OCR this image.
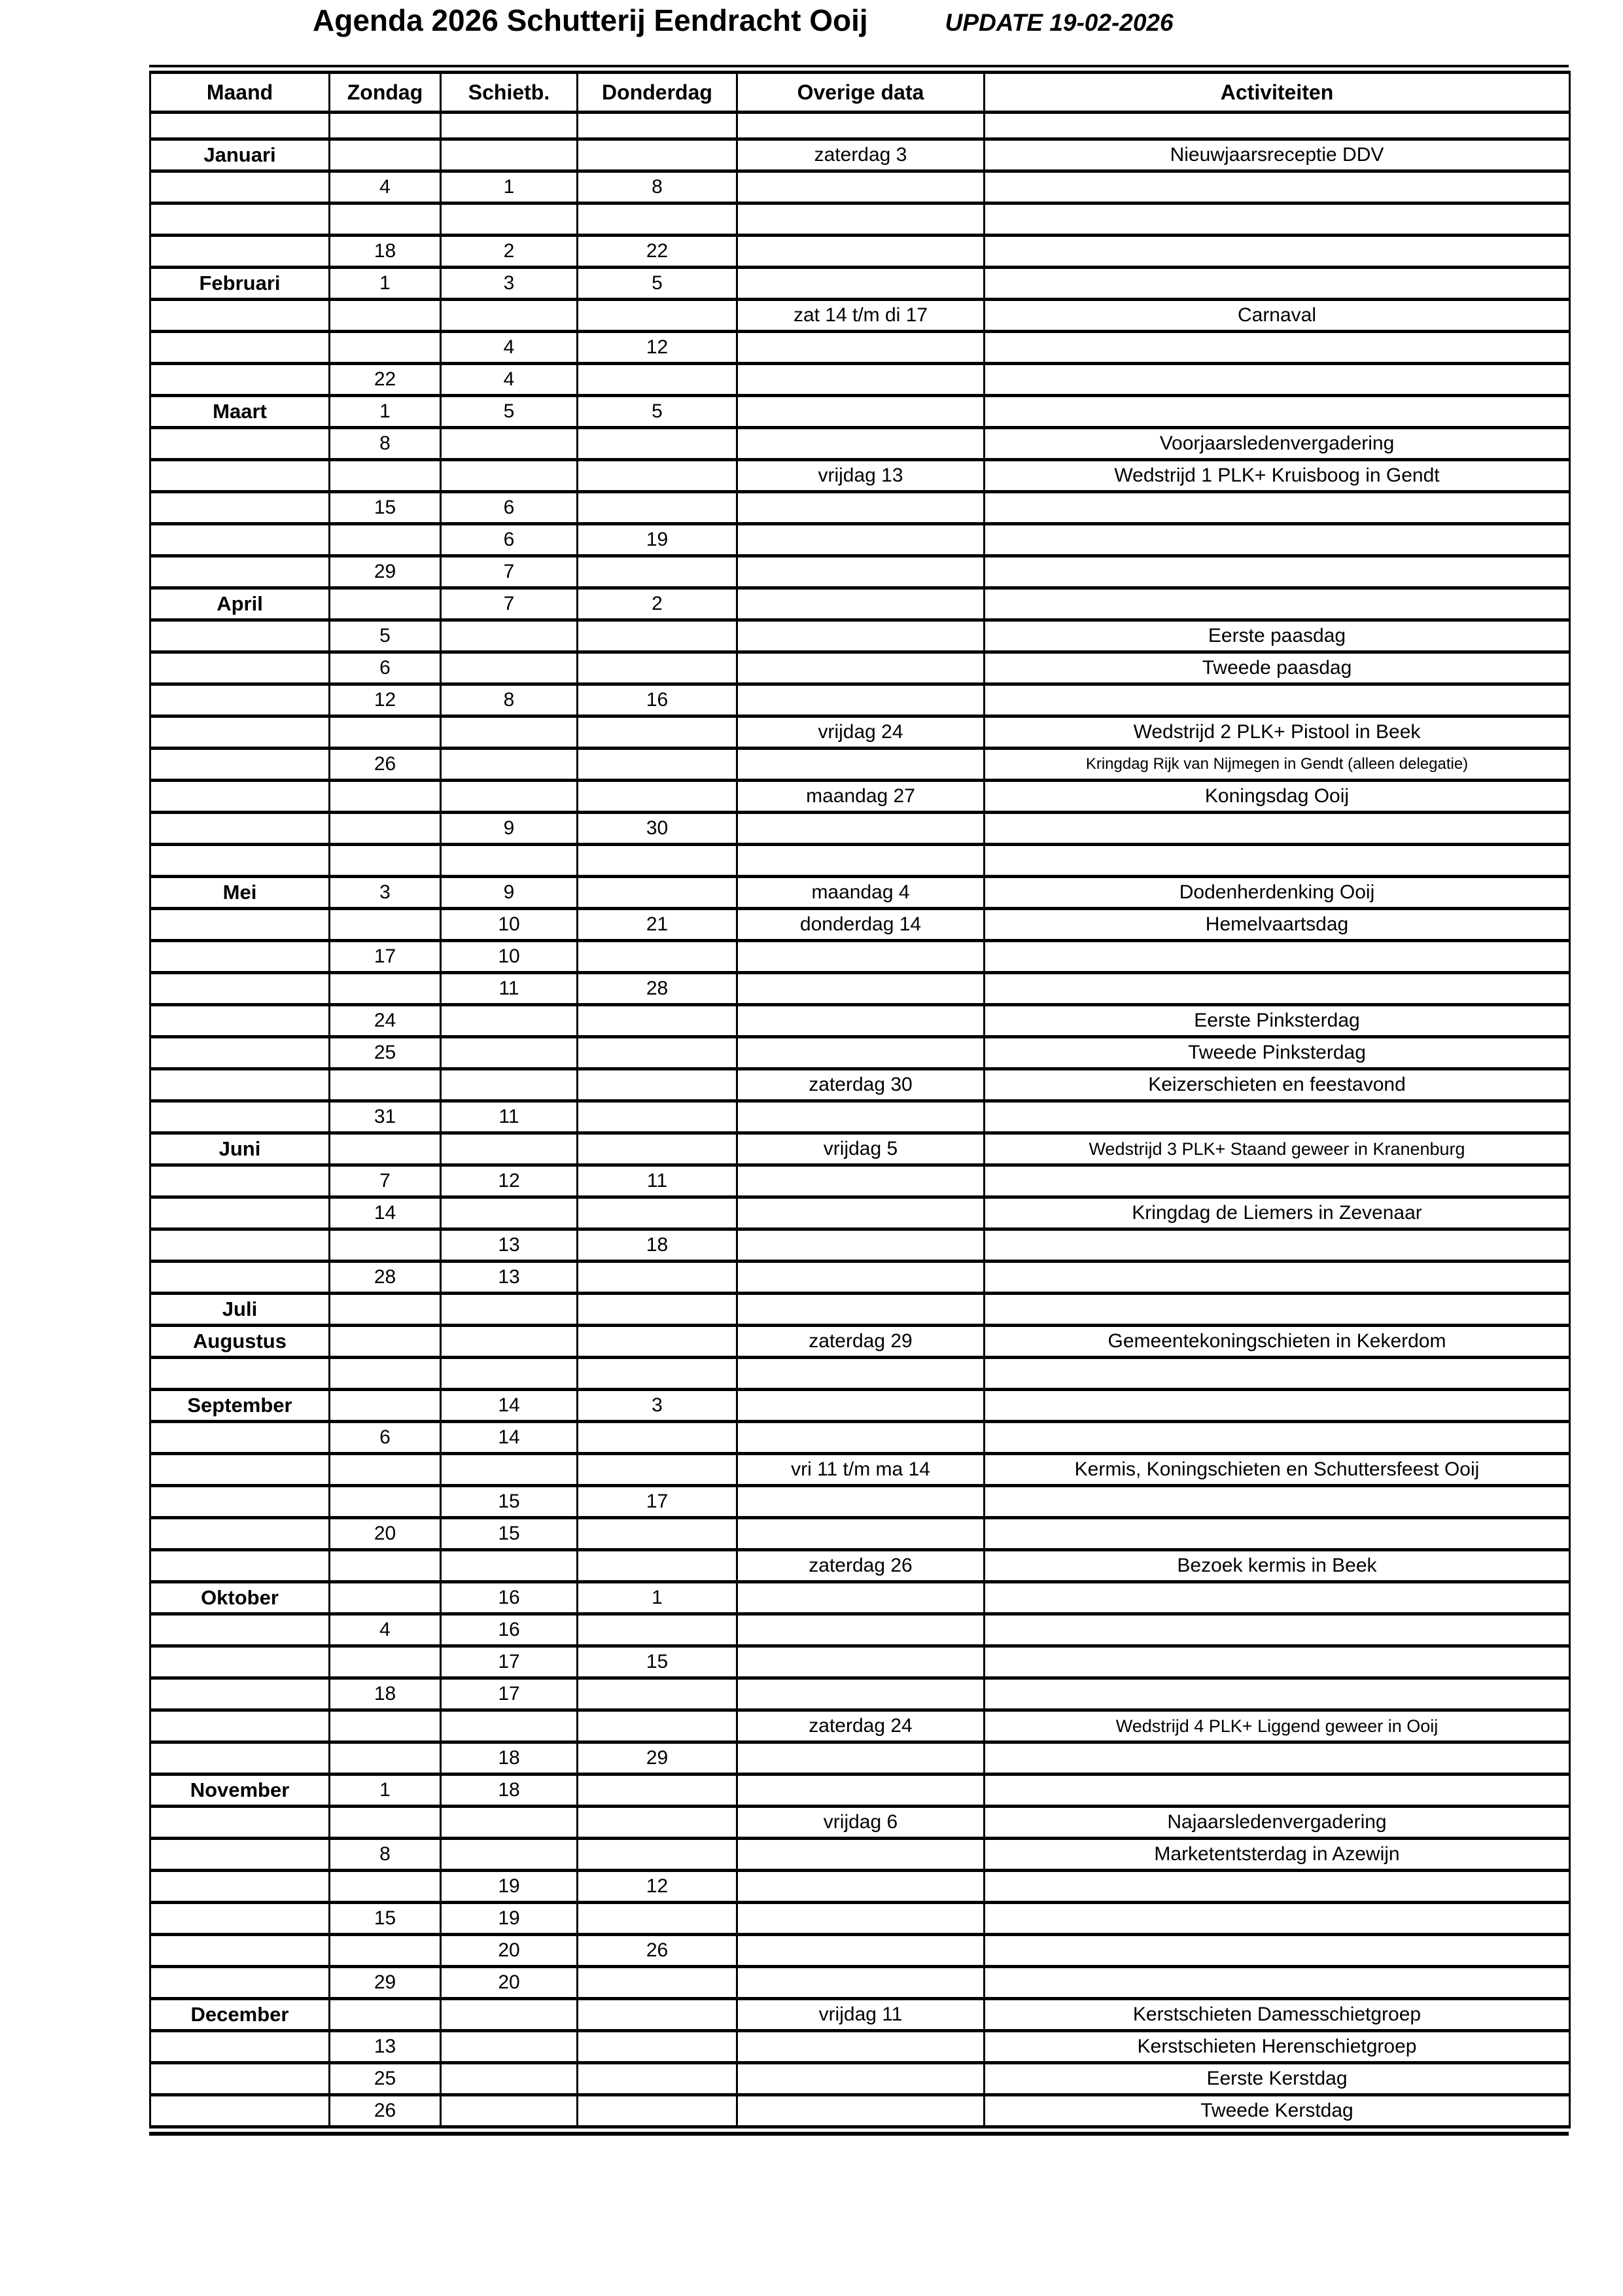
Agenda 2026 Schutterij Eendracht Ooij	UPDATE 19-02-2026
Maand	Zondag	Schietb.	Donderdag	Overige data	Activiteiten

Januari				zaterdag 3	Nieuwjaarsreceptie DDV
	4	1	8		

	18	2	22		
Februari	1	3	5		
				zat 14 t/m di 17	Carnaval
		4	12		
	22	4			
Maart	1	5	5		
	8				Voorjaarsledenvergadering
				vrijdag 13	Wedstrijd 1 PLK+ Kruisboog in Gendt
	15	6			
		6	19		
	29	7			
April		7	2		
	5				Eerste paasdag
	6				Tweede paasdag
	12	8	16		
				vrijdag 24	Wedstrijd 2 PLK+ Pistool in Beek
	26				Kringdag Rijk van Nijmegen in Gendt (alleen delegatie)
				maandag 27	Koningsdag Ooij
		9	30		

Mei	3	9		maandag 4	Dodenherdenking Ooij
		10	21	donderdag 14	Hemelvaartsdag
	17	10			
		11	28		
	24				Eerste Pinksterdag
	25				Tweede Pinksterdag
				zaterdag 30	Keizerschieten en feestavond
	31	11			
Juni				vrijdag 5	Wedstrijd 3 PLK+ Staand geweer in Kranenburg
	7	12	11		
	14				Kringdag de Liemers in Zevenaar
		13	18		
	28	13			
Juli					
Augustus				zaterdag 29	Gemeentekoningschieten in Kekerdom

September		14	3		
	6	14			
				vri 11 t/m ma 14	Kermis, Koningschieten en Schuttersfeest Ooij
		15	17		
	20	15			
				zaterdag 26	Bezoek kermis in Beek
Oktober		16	1		
	4	16			
		17	15		
	18	17			
				zaterdag 24	Wedstrijd 4 PLK+ Liggend geweer in Ooij
		18	29		
November	1	18			
				vrijdag 6	Najaarsledenvergadering
	8				Marketentsterdag in Azewijn
		19	12		
	15	19			
		20	26		
	29	20			
December				vrijdag 11	Kerstschieten Damesschietgroep
	13				Kerstschieten Herenschietgroep
	25				Eerste Kerstdag
	26				Tweede Kerstdag
